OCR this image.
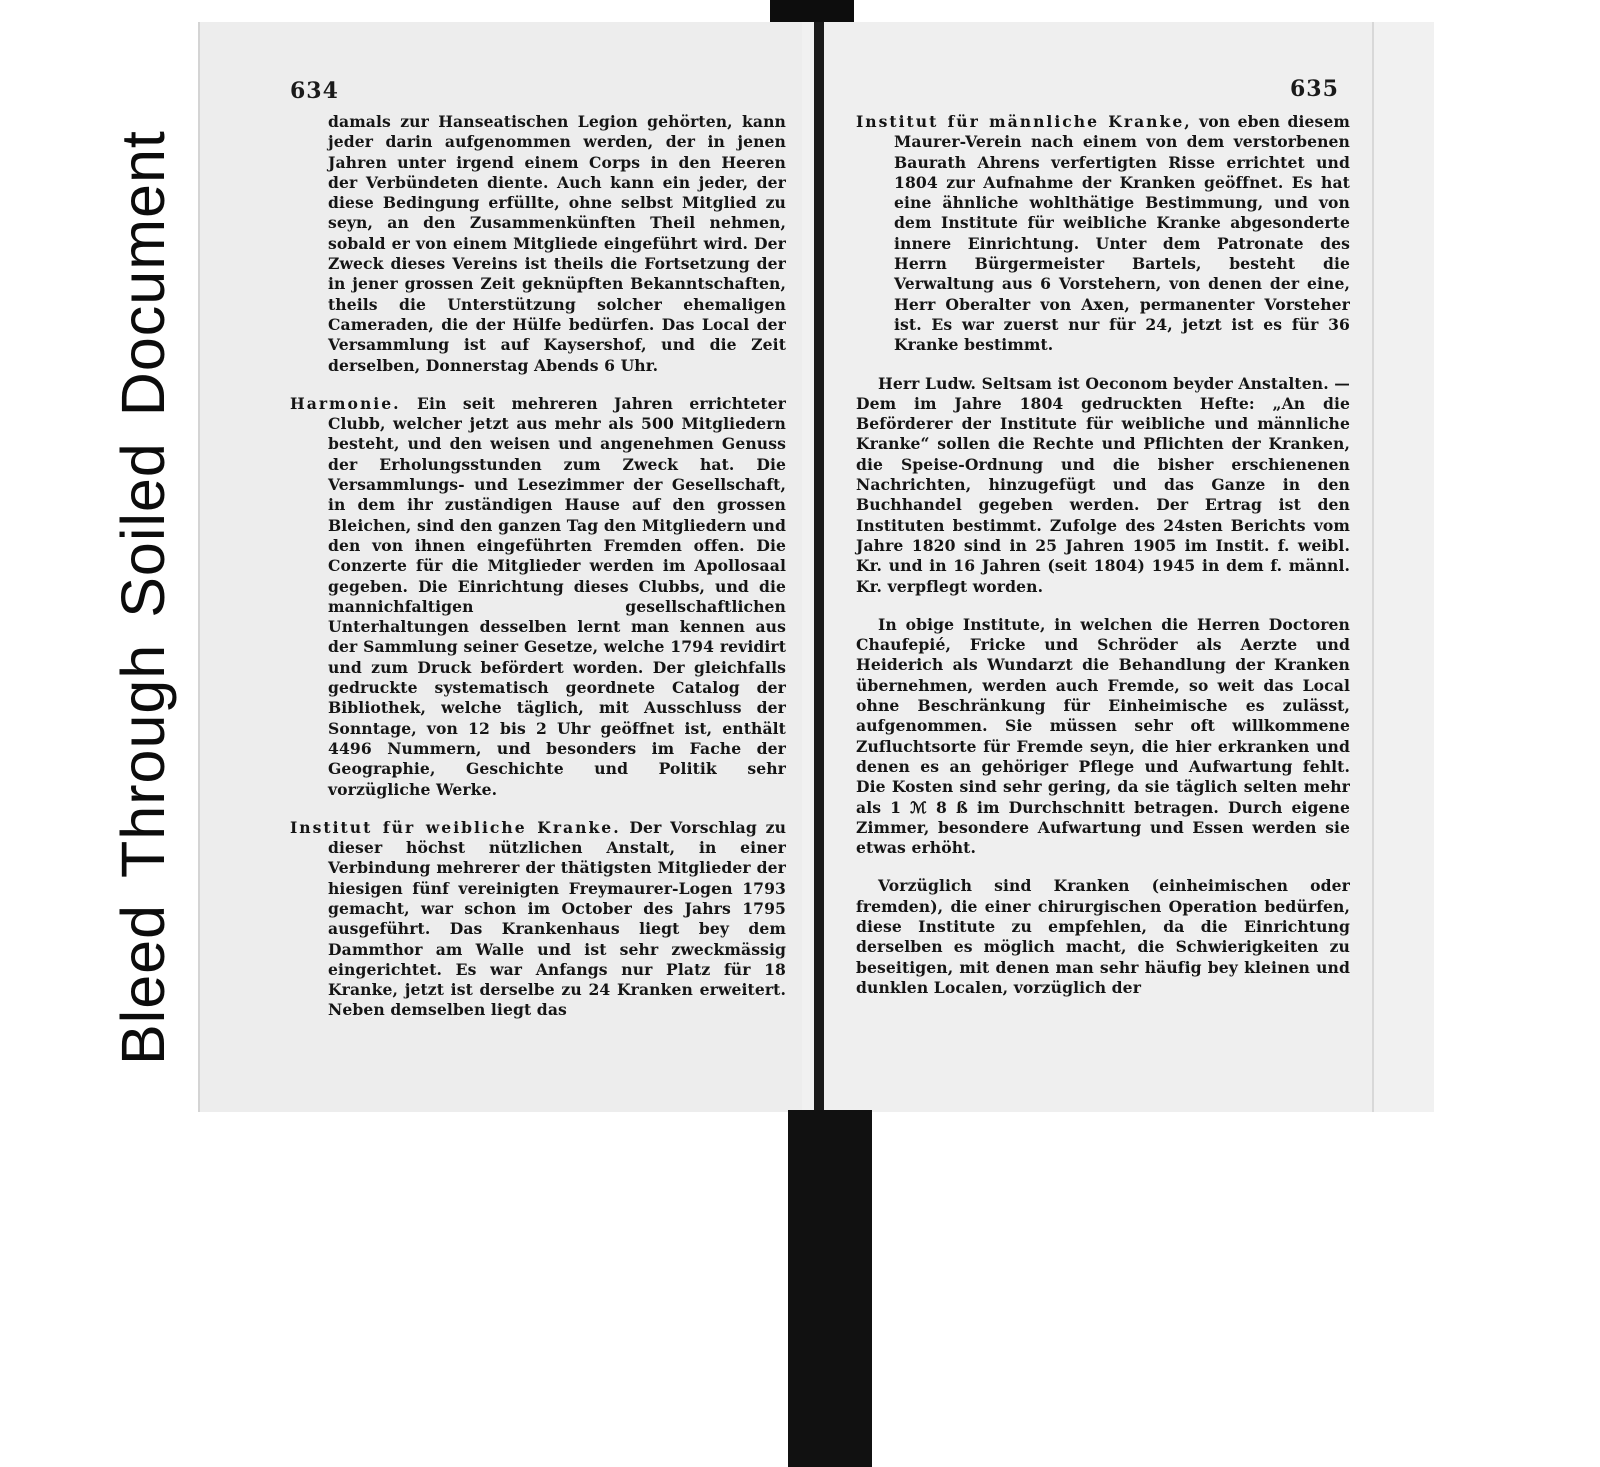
BleedThroughSoiledDocument
634

damals zur Hanseatischen Legion gehörten, kann jeder darin aufgenommen werden, der in jenen Jahren unter irgend einem Corps in den Heeren der Verbündeten diente. Auch kann ein jeder, der diese Bedingung erfüllte, ohne selbst Mitglied zu seyn, an den Zusammenkünften Theil nehmen, sobald er von einem Mitgliede eingeführt wird. Der Zweck dieses Vereins ist theils die Fortsetzung der in jener grossen Zeit geknüpften Bekanntschaften, theils die Unterstützung solcher ehemaligen Cameraden, die der Hülfe bedürfen. Das Local der Versammlung ist auf Kaysershof, und die Zeit derselben, Donnerstag Abends 6 Uhr.

Harmonie. Ein seit mehreren Jahren errichteter Clubb, welcher jetzt aus mehr als 500 Mitgliedern besteht, und den weisen und angenehmen Genuss der Erholungsstunden zum Zweck hat. Die Versammlungs- und Lesezimmer der Gesellschaft, in dem ihr zuständigen Hause auf den grossen Bleichen, sind den ganzen Tag den Mitgliedern und den von ihnen eingeführten Fremden offen. Die Conzerte für die Mitglieder werden im Apollosaal gegeben. Die Einrichtung dieses Clubbs, und die mannichfaltigen gesellschaftlichen Unterhaltungen desselben lernt man kennen aus der Sammlung seiner Gesetze, welche 1794 revidirt und zum Druck befördert worden. Der gleichfalls gedruckte systematisch geordnete Catalog der Bibliothek, welche täglich, mit Ausschluss der Sonntage, von 12 bis 2 Uhr geöffnet ist, enthält 4496 Nummern, und besonders im Fache der Geographie, Geschichte und Politik sehr vorzügliche Werke.

Institut für weibliche Kranke. Der Vorschlag zu dieser höchst nützlichen Anstalt, in einer Verbindung mehrerer der thätigsten Mitglieder der hiesigen fünf vereinigten Freymaurer-Logen 1793 gemacht, war schon im October des Jahrs 1795 ausgeführt. Das Krankenhaus liegt bey dem Dammthor am Walle und ist sehr zweckmässig eingerichtet. Es war Anfangs nur Platz für 18 Kranke, jetzt ist derselbe zu 24 Kranken erweitert. Neben demselben liegt das

635

Institut für männliche Kranke, von eben diesem Maurer-Verein nach einem von dem verstorbenen Baurath Ahrens verfertigten Risse errichtet und 1804 zur Aufnahme der Kranken geöffnet. Es hat eine ähnliche wohlthätige Bestimmung, und von dem Institute für weibliche Kranke abgesonderte innere Einrichtung. Unter dem Patronate des Herrn Bürgermeister Bartels, besteht die Verwaltung aus 6 Vorstehern, von denen der eine, Herr Oberalter von Axen, permanenter Vorsteher ist. Es war zuerst nur für 24, jetzt ist es für 36 Kranke bestimmt.

Herr Ludw. Seltsam ist Oeconom beyder Anstalten. — Dem im Jahre 1804 gedruckten Hefte: „An die Beförderer der Institute für weibliche und männliche Kranke“ sollen die Rechte und Pflichten der Kranken, die Speise-Ordnung und die bisher erschienenen Nachrichten, hinzugefügt und das Ganze in den Buchhandel gegeben werden. Der Ertrag ist den Instituten bestimmt. Zufolge des 24sten Berichts vom Jahre 1820 sind in 25 Jahren 1905 im Instit. f. weibl. Kr. und in 16 Jahren (seit 1804) 1945 in dem f. männl. Kr. verpflegt worden.

In obige Institute, in welchen die Herren Doctoren Chaufepié, Fricke und Schröder als Aerzte und Heiderich als Wundarzt die Behandlung der Kranken übernehmen, werden auch Fremde, so weit das Local ohne Beschränkung für Einheimische es zulässt, aufgenommen. Sie müssen sehr oft willkommene Zufluchtsorte für Fremde seyn, die hier erkranken und denen es an gehöriger Pflege und Aufwartung fehlt. Die Kosten sind sehr gering, da sie täglich selten mehr als 1 ℳ 8 ß im Durchschnitt betragen. Durch eigene Zimmer, besondere Aufwartung und Essen werden sie etwas erhöht.

Vorzüglich sind Kranken (einheimischen oder fremden), die einer chirurgischen Operation bedürfen, diese Institute zu empfehlen, da die Einrichtung derselben es möglich macht, die Schwierigkeiten zu beseitigen, mit denen man sehr häufig bey kleinen und dunklen Localen, vorzüglich der
